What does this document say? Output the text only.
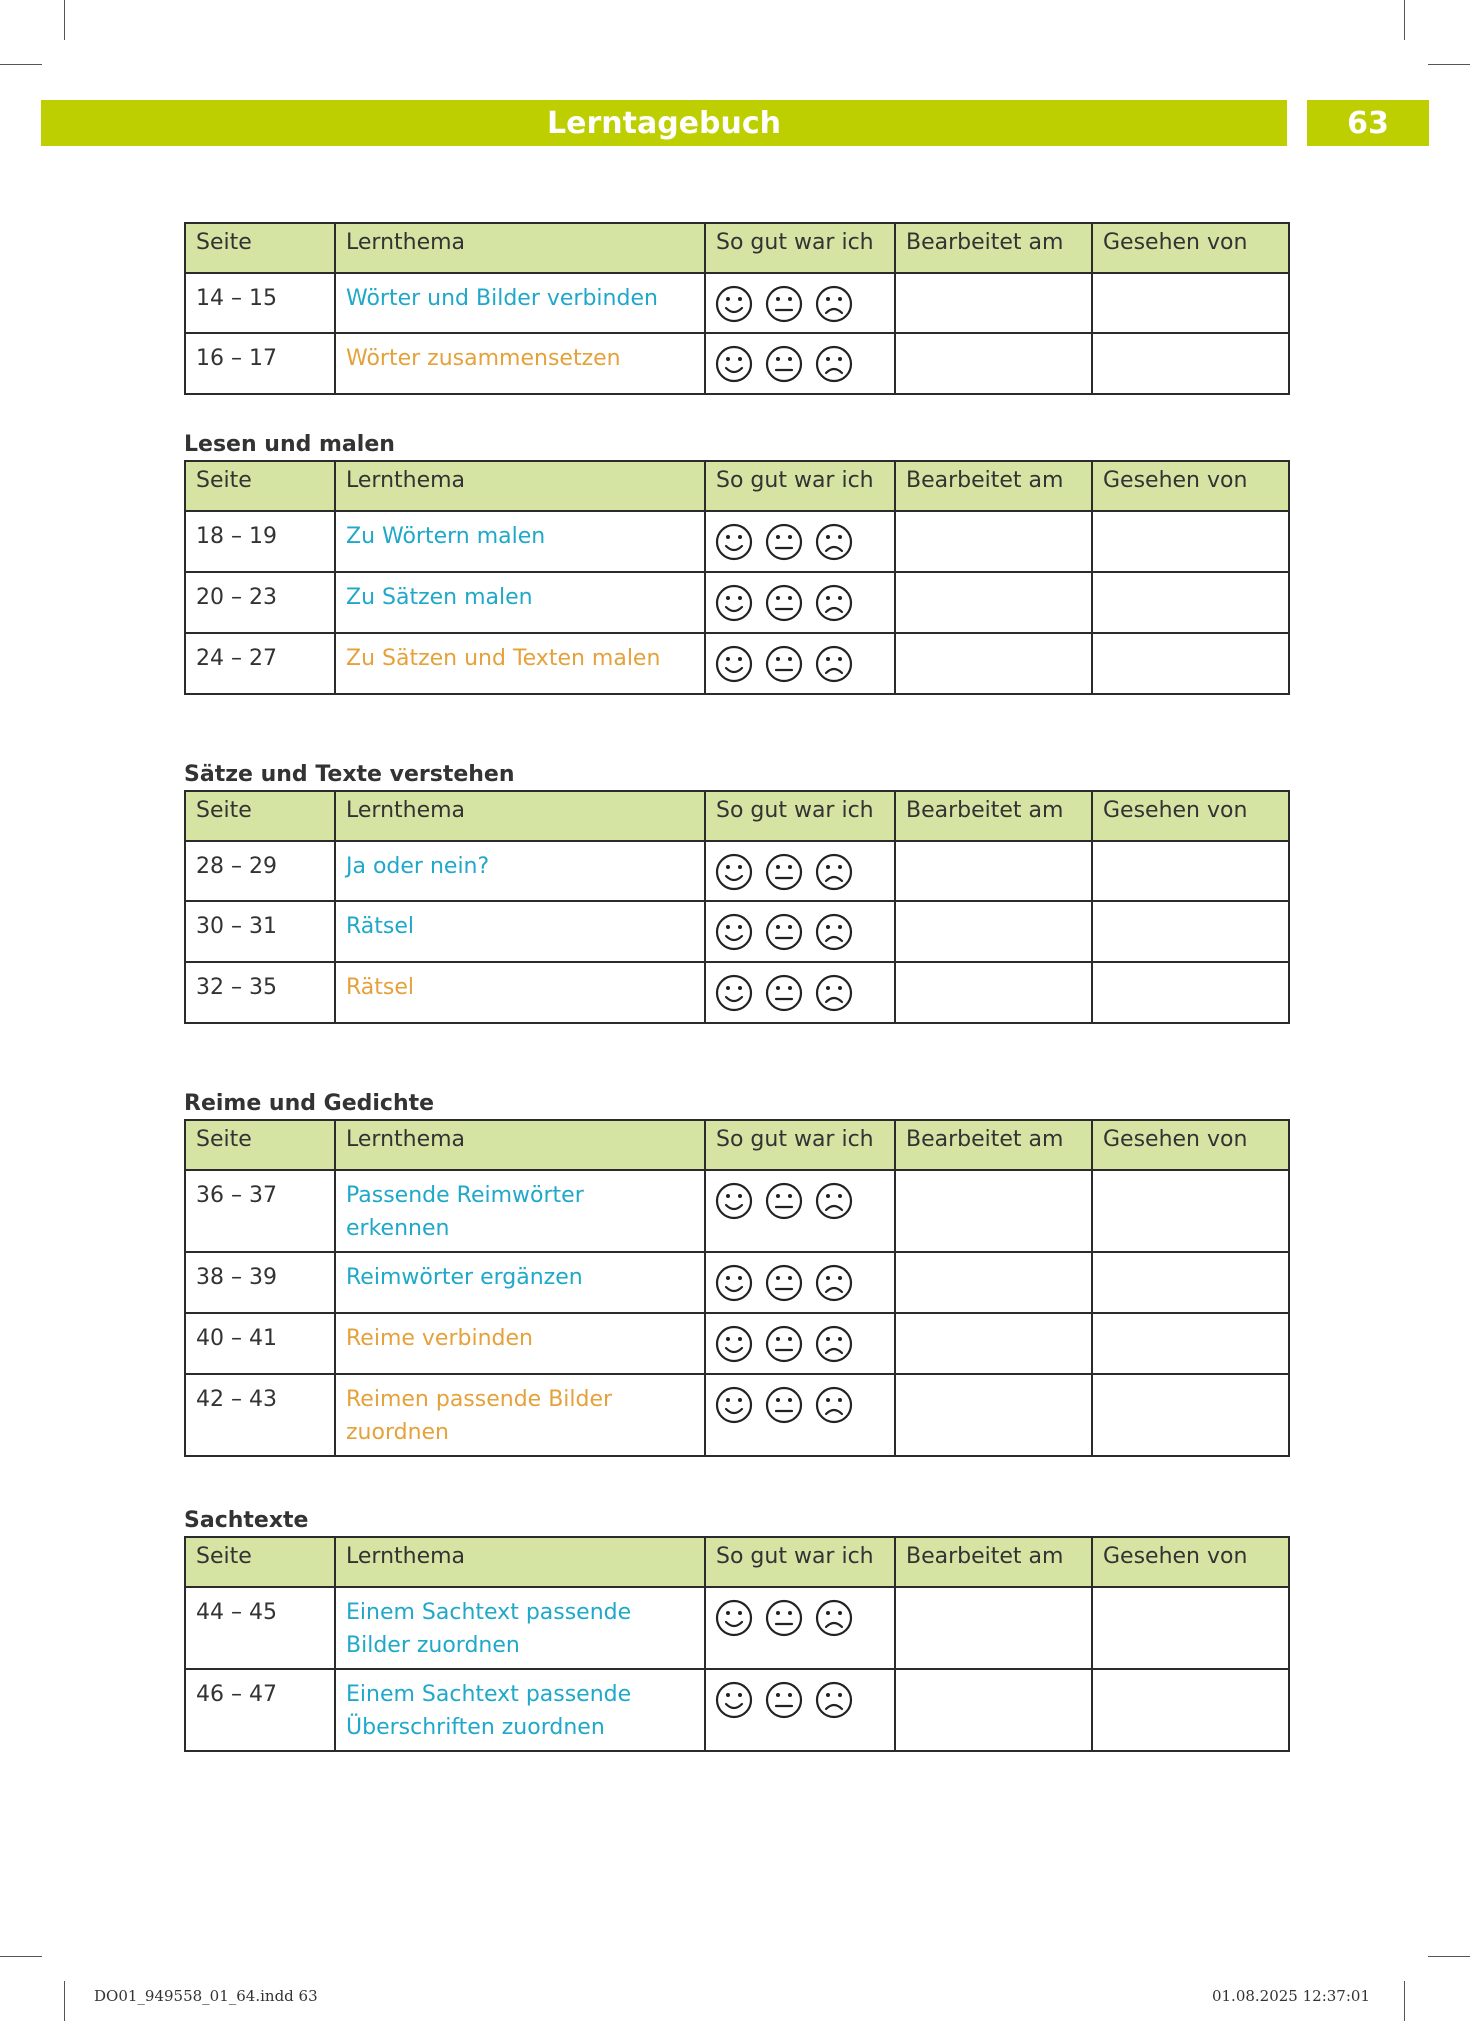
Lerntagebuch	63
Seite	Lernthema	So gut war ich	Bearbeitet am	Gesehen von
14 – 15	Wörter und Bilder verbinden	

16 – 17	Wörter zusammensetzen	

Lesen und malen
Seite	Lernthema	So gut war ich	Bearbeitet am	Gesehen von
18 – 19	Zu Wörtern malen	

20 – 23	Zu Sätzen malen	

24 – 27	Zu Sätzen und Texten malen	

Sätze und Texte verstehen
Seite	Lernthema	So gut war ich	Bearbeitet am	Gesehen von
28 – 29	Ja oder nein?	

30 – 31	Rätsel	

32 – 35	Rätsel	

Reime und Gedichte
Seite	Lernthema	So gut war ich	Bearbeitet am	Gesehen von
36 – 37	Passende Reimwörter erkennen	

38 – 39	Reimwörter ergänzen	

40 – 41	Reime verbinden	

42 – 43	Reimen passende Bilder zuordnen	

Sachtexte
Seite	Lernthema	So gut war ich	Bearbeitet am	Gesehen von
44 – 45	Einem Sachtext passende Bilder zuordnen	

46 – 47	Einem Sachtext passende Überschriften zuordnen	

DO01_949558_01_64.indd 63	01.08.2025 12:37:01
